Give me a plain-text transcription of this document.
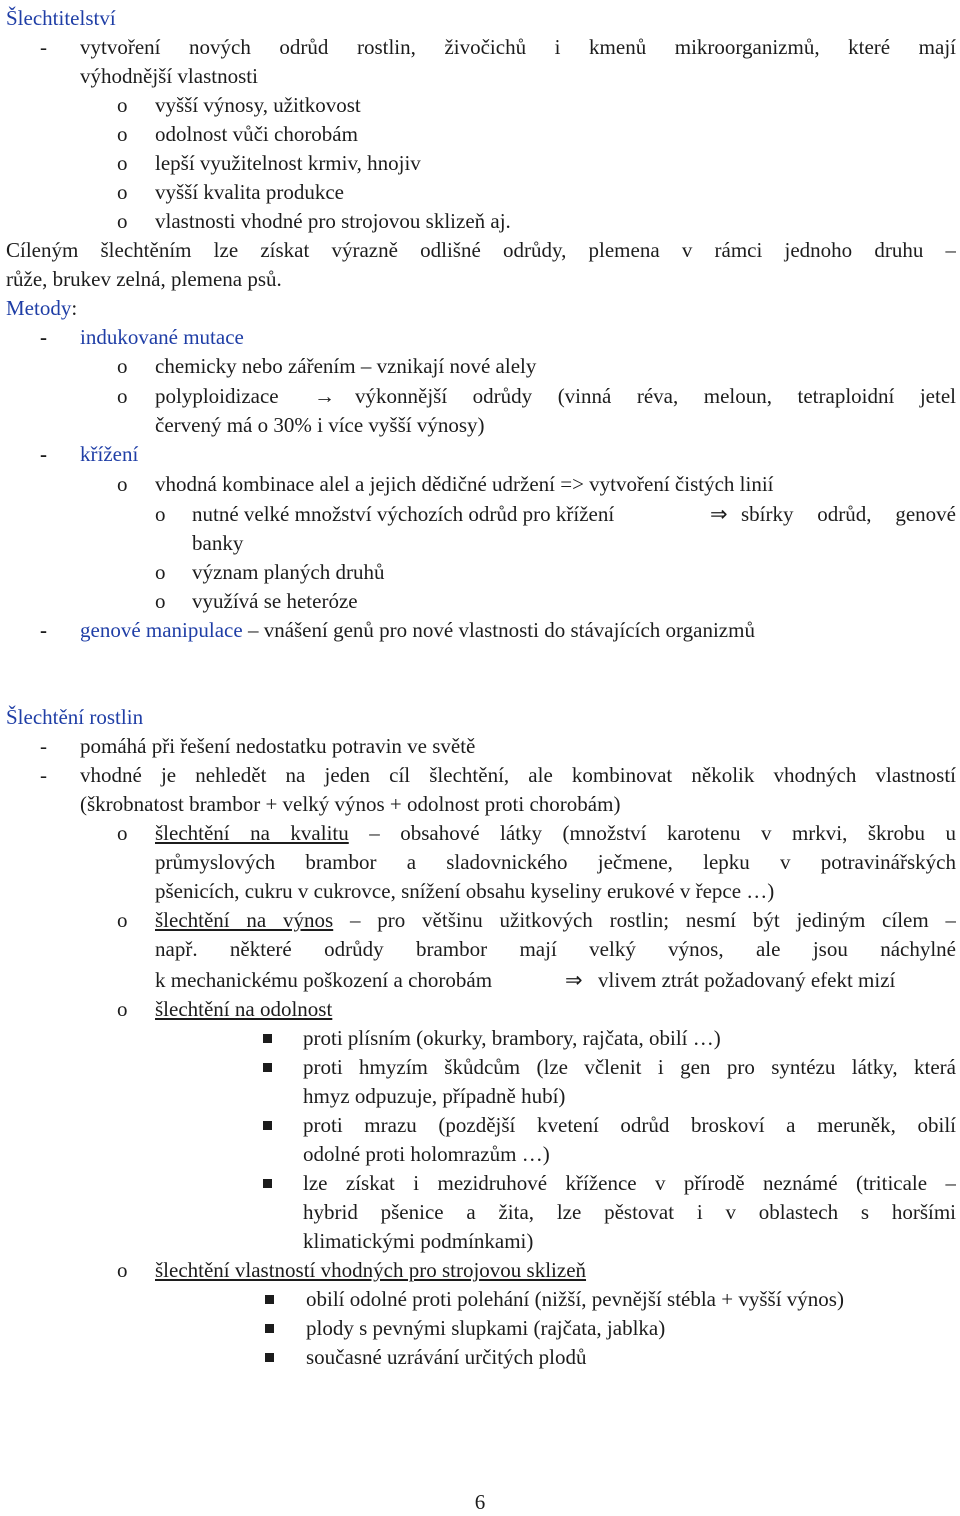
Šlechtitelství
- vytvoření nových odrůd rostlin, živočichů i kmenů mikroorganizmů, které mají
výhodnější vlastnosti
o vyšší výnosy, užitkovost
o odolnost vůči chorobám
o lepší využitelnost krmiv, hnojiv
o vyšší kvalita produkce
o vlastnosti vhodné pro strojovou sklizeň aj.
Cíleným šlechtěním lze získat výrazně odlišné odrůdy, plemena v rámci jednoho druhu –
růže, brukev zelná, plemena psů.
Metody:
- indukované mutace
o chemicky nebo zářením – vznikají nové alely
o polyploidizace → výkonnější odrůdy (vinná réva, meloun, tetraploidní jetel
červený má o 30% i více vyšší výnosy)
- křížení
o vhodná kombinace alel a jejich dědičné udržení => vytvoření čistých linií
o nutné velké množství výchozích odrůd pro křížení	⇒ sbírky odrůd, genové
banky
o význam planých druhů
o využívá se heteróze
- genové manipulace – vnášení genů pro nové vlastnosti do stávajících organizmů
Šlechtění rostlin
- pomáhá při řešení nedostatku potravin ve světě
- vhodné je nehledět na jeden cíl šlechtění, ale kombinovat několik vhodných vlastností
(škrobnatost brambor + velký výnos + odolnost proti chorobám)
o šlechtění na kvalitu – obsahové látky (množství karotenu v mrkvi, škrobu u
průmyslových brambor a sladovnického ječmene, lepku v potravinářských
pšenicích, cukru v cukrovce, snížení obsahu kyseliny erukové v řepce …)
o šlechtění na výnos – pro většinu užitkových rostlin; nesmí být jediným cílem –
např. některé odrůdy brambor mají velký výnos, ale jsou náchylné
k mechanickému poškození a chorobám	⇒ vlivem ztrát požadovaný efekt mizí
o šlechtění na odolnost
proti plísním (okurky, brambory, rajčata, obilí …)
proti hmyzím škůdcům (lze včlenit i gen pro syntézu látky, která
hmyz odpuzuje, případně hubí)
proti mrazu (pozdější kvetení odrůd broskoví a meruněk, obilí
odolné proti holomrazům …)
lze získat i mezidruhové křížence v přírodě neznámé (triticale –
hybrid pšenice a žita, lze pěstovat i v oblastech s horšími
klimatickými podmínkami)
o šlechtění vlastností vhodných pro strojovou sklizeň
obilí odolné proti polehání (nižší, pevnější stébla + vyšší výnos)
plody s pevnými slupkami (rajčata, jablka)
současné uzrávání určitých plodů
6
